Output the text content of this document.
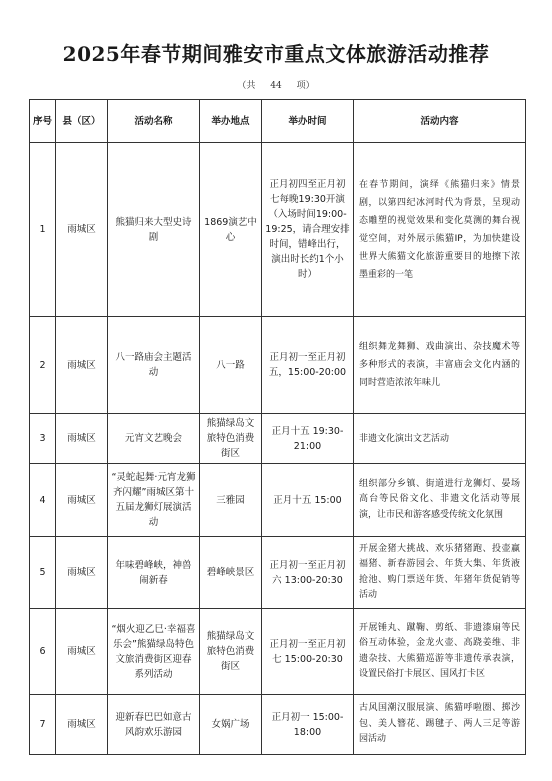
2025年春节期间雅安市重点文体旅游活动推荐
（共 44 项）
序号	县（区）	活动名称	举办地点	举办时间	活动内容
1	雨城区	熊猫归来大型史诗剧	1869演艺中心	正月初四至正月初七每晚19:30开演（入场时间19:00-19:25，请合理安排时间，错峰出行，演出时长约1个小时）	在春节期间，演绎《熊猫归来》情景剧，以第四纪冰河时代为背景，呈现动态雕塑的视觉效果和变化莫测的舞台视觉空间，对外展示熊猫IP，为加快建设世界大熊猫文化旅游重要目的地擦下浓墨重彩的一笔
2	雨城区	八一路庙会主题活动	八一路	正月初一至正月初五，15:00-20:00	组织舞龙舞狮、戏曲演出、杂技魔术等多种形式的表演，丰富庙会文化内涵的同时营造浓浓年味儿
3	雨城区	元宵文艺晚会	熊猫绿岛文旅特色消费街区	正月十五 19:30-21:00	非遗文化演出文艺活动
4	雨城区	“灵蛇起舞·元宵龙狮齐闪耀”雨城区第十五届龙狮灯展演活动	三雅园	正月十五 15:00	组织部分乡镇、街道进行龙狮灯、晏场高台等民俗文化、非遗文化活动等展演，让市民和游客感受传统文化氛围
5	雨城区	年味碧峰峡，神兽闹新春	碧峰峡景区	正月初一至正月初六 13:00-20:30	开展金猪大挑战、欢乐猪猪跑、投壶赢福猪、新春游园会、年货大集、年货液抢池、购门票送年货、年猪年货促销等活动
6	雨城区	“烟火迎乙巳·幸福喜乐会”熊猫绿岛特色文旅消费街区迎春系列活动	熊猫绿岛文旅特色消费街区	正月初一至正月初七 15:00-20:30	开展锤丸、蹴鞠、剪纸、非遗漆扇等民俗互动体验，金龙火壶、高跷姜维、非遗杂技、大熊猫巡游等非遗传承表演，设置民俗打卡展区、国风打卡区
7	雨城区	迎新春巴巴如意古风韵欢乐游园	女娲广场	正月初一 15:00-18:00	古风国潮汉服展演、熊猫呼啦圈、掷沙包、美人簪花、踢毽子、两人三足等游园活动
